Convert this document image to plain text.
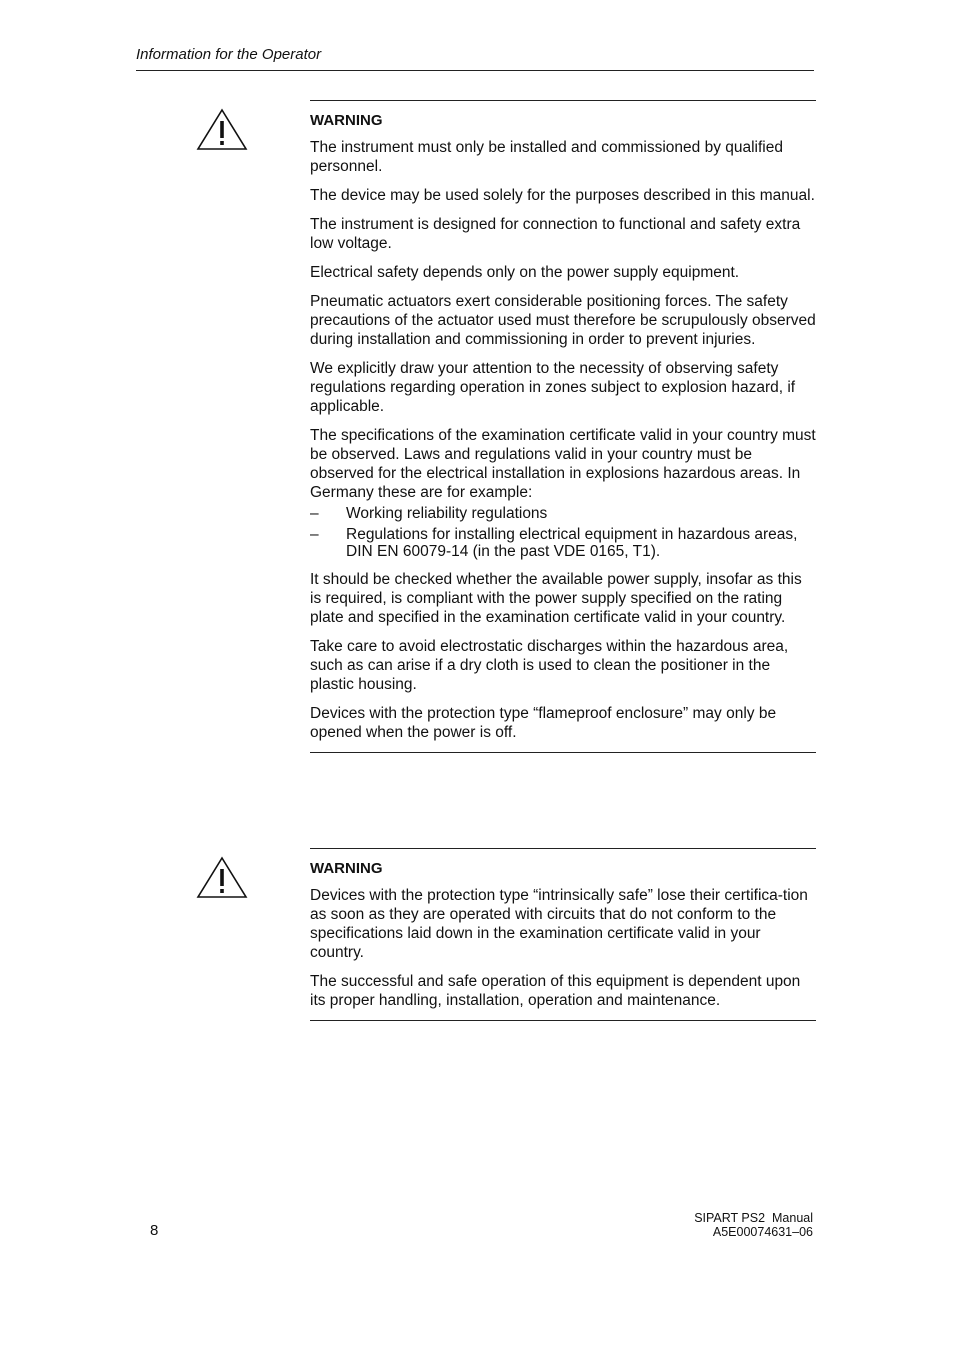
Information for the Operator
WARNING

The instrument must only be installed and commissioned by qualified personnel.

The device may be used solely for the purposes described in this manual.

The instrument is designed for connection to functional and safety extra low voltage.

Electrical safety depends only on the power supply equipment.

Pneumatic actuators exert considerable positioning forces. The safety precautions of the actuator used must therefore be scrupulously observed during installation and commissioning in order to prevent injuries.

We explicitly draw your attention to the necessity of observing safety regulations regarding operation in zones subject to explosion hazard, if applicable.

The specifications of the examination certificate valid in your country must be observed. Laws and regulations valid in your country must be observed for the electrical installation in explosions hazardous areas. In Germany these are for example:

– Working reliability regulations
– Regulations for installing electrical equipment in hazardous areas, DIN EN 60079-14 (in the past VDE 0165, T1).

It should be checked whether the available power supply, insofar as this is required, is compliant with the power supply specified on the rating plate and specified in the examination certificate valid in your country.

Take care to avoid electrostatic discharges within the hazardous area, such as can arise if a dry cloth is used to clean the positioner in the plastic housing.

Devices with the protection type “flameproof enclosure” may only be opened when the power is off.

WARNING

Devices with the protection type “intrinsically safe” lose their certifica-tion as soon as they are operated with circuits that do not conform to the specifications laid down in the examination certificate valid in your country.

The successful and safe operation of this equipment is dependent upon its proper handling, installation, operation and maintenance.

8
SIPART PS2  Manual
A5E00074631–06
